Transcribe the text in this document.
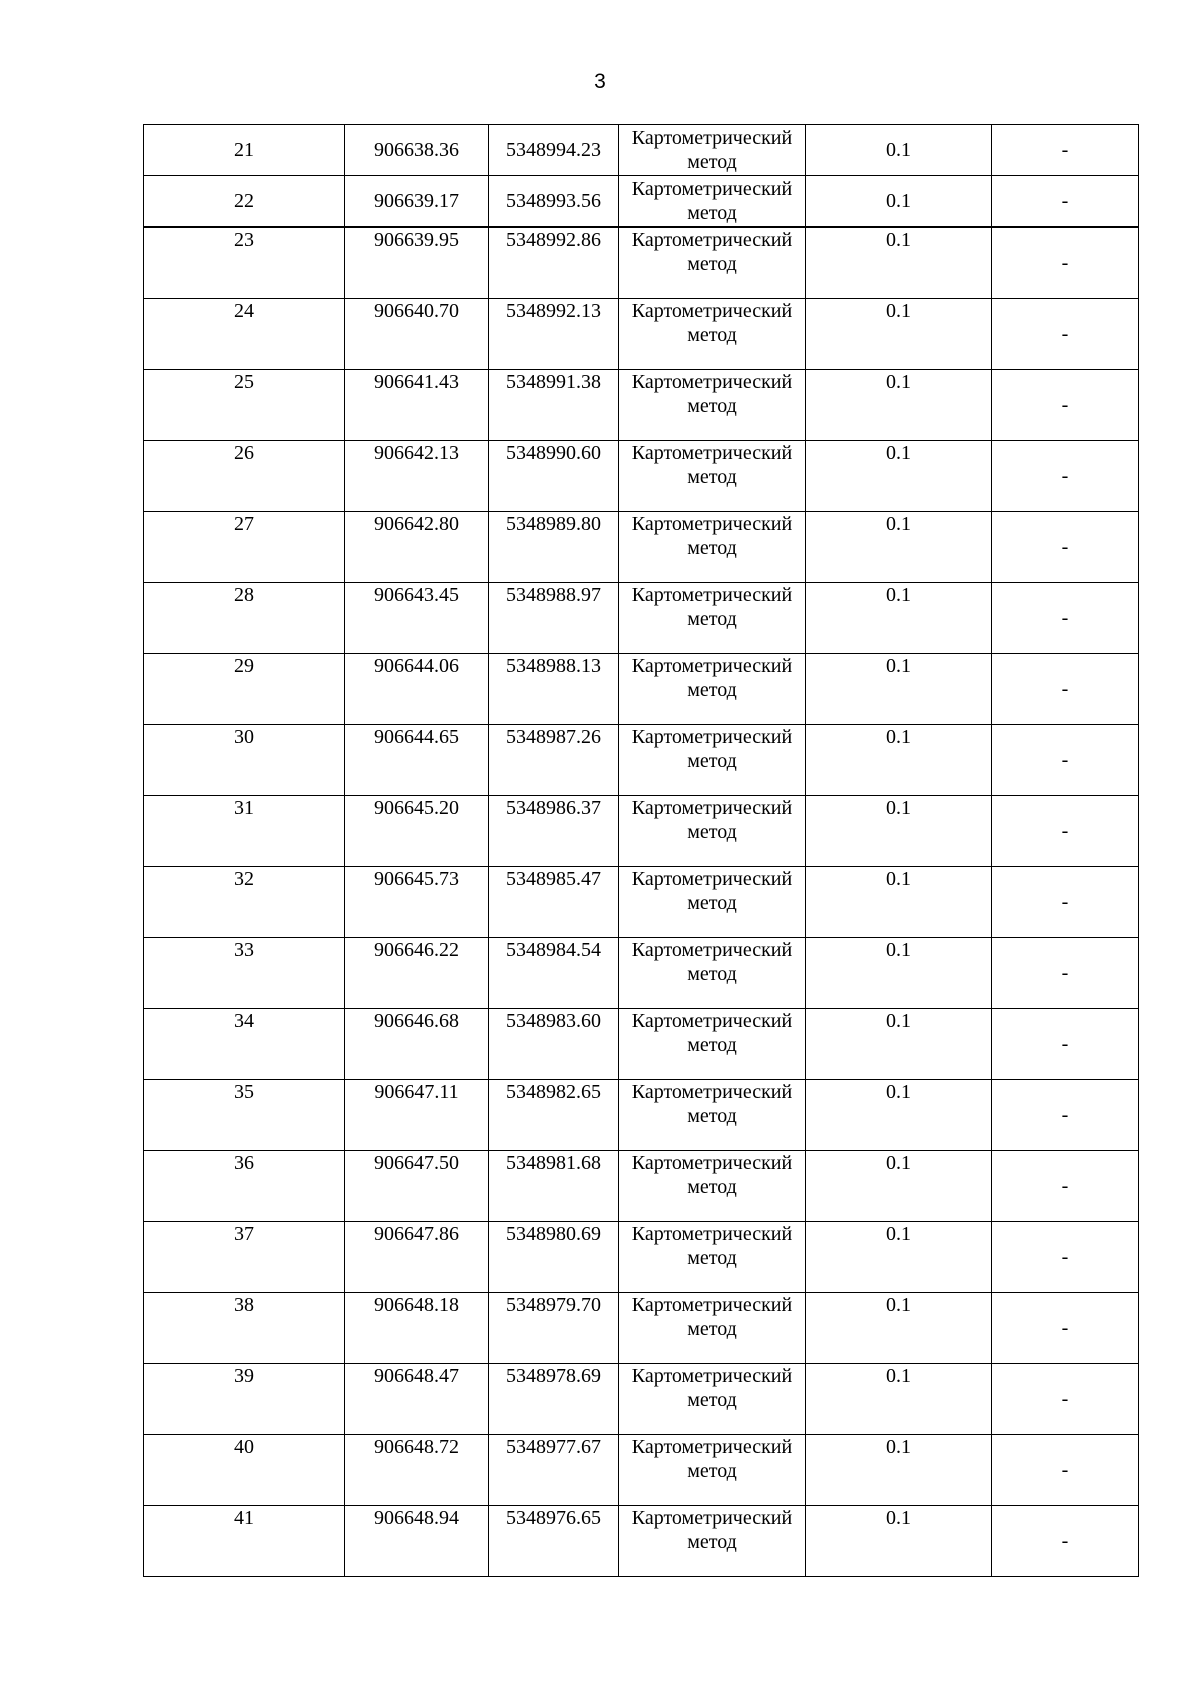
3
21	906638.36	5348994.23	Картометрический метод	0.1	-
22	906639.17	5348993.56	Картометрический метод	0.1	-
23	906639.95	5348992.86	Картометрический метод	0.1	-
24	906640.70	5348992.13	Картометрический метод	0.1	-
25	906641.43	5348991.38	Картометрический метод	0.1	-
26	906642.13	5348990.60	Картометрический метод	0.1	-
27	906642.80	5348989.80	Картометрический метод	0.1	-
28	906643.45	5348988.97	Картометрический метод	0.1	-
29	906644.06	5348988.13	Картометрический метод	0.1	-
30	906644.65	5348987.26	Картометрический метод	0.1	-
31	906645.20	5348986.37	Картометрический метод	0.1	-
32	906645.73	5348985.47	Картометрический метод	0.1	-
33	906646.22	5348984.54	Картометрический метод	0.1	-
34	906646.68	5348983.60	Картометрический метод	0.1	-
35	906647.11	5348982.65	Картометрический метод	0.1	-
36	906647.50	5348981.68	Картометрический метод	0.1	-
37	906647.86	5348980.69	Картометрический метод	0.1	-
38	906648.18	5348979.70	Картометрический метод	0.1	-
39	906648.47	5348978.69	Картометрический метод	0.1	-
40	906648.72	5348977.67	Картометрический метод	0.1	-
41	906648.94	5348976.65	Картометрический метод	0.1	-
